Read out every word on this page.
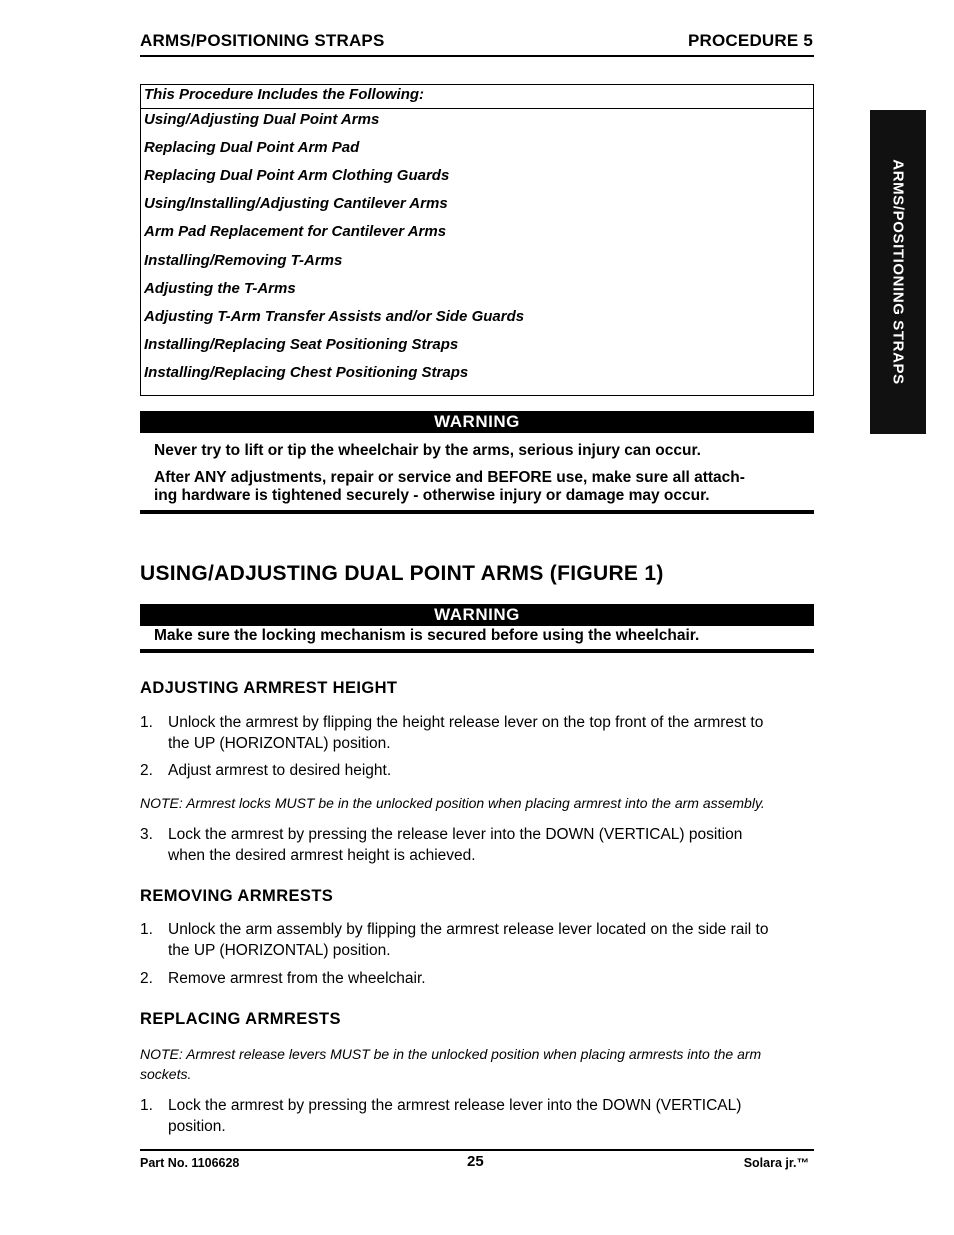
ARMS/POSITIONING STRAPS	PROCEDURE 5
ARMS/POSITIONING STRAPS
This Procedure Includes the Following:
Using/Adjusting Dual Point Arms
Replacing Dual Point Arm Pad
Replacing Dual Point Arm Clothing Guards
Using/Installing/Adjusting Cantilever Arms
Arm Pad Replacement for Cantilever Arms
Installing/Removing T-Arms
Adjusting the T-Arms
Adjusting T-Arm Transfer Assists and/or Side Guards
Installing/Replacing Seat Positioning Straps
Installing/Replacing Chest Positioning Straps
WARNING
Never try to lift or tip the wheelchair by the arms, serious injury can occur.
After ANY adjustments, repair or service and BEFORE use, make sure all attach-
ing hardware is tightened securely - otherwise injury or damage may occur.
USING/ADJUSTING DUAL POINT ARMS (FIGURE 1)
WARNING
Make sure the locking mechanism is secured before using the wheelchair.
ADJUSTING ARMREST HEIGHT
1. Unlock the armrest by flipping the height release lever on the top front of the armrest to
the UP (HORIZONTAL) position.
2. Adjust armrest to desired height.
NOTE: Armrest locks MUST be in the unlocked position when placing armrest into the arm assembly.
3. Lock the armrest by pressing the release lever into the DOWN (VERTICAL) position
when the desired armrest height is achieved.
REMOVING ARMRESTS
1. Unlock the arm assembly by flipping the armrest release lever located on the side rail to
the UP (HORIZONTAL) position.
2. Remove armrest from the wheelchair.
REPLACING ARMRESTS
NOTE: Armrest release levers MUST be in the unlocked position when placing armrests into the arm
sockets.
1. Lock the armrest by pressing the armrest release lever into the DOWN (VERTICAL)
position.
Part No. 1106628	25	Solara jr.™
